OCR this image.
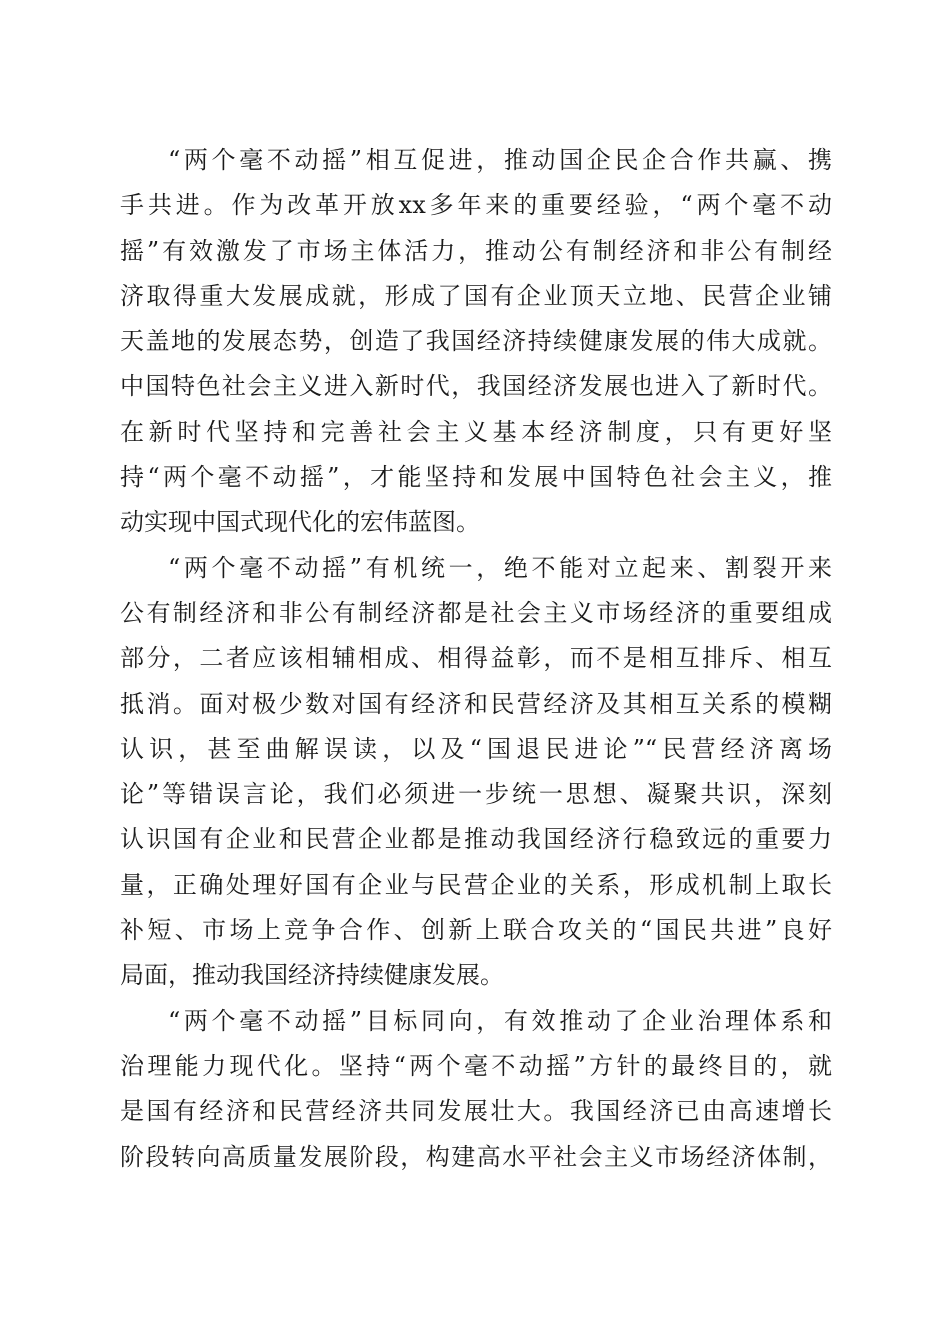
“两个毫不动摇”相互促进，推动国企民企合作共赢、携
手共进。作为改革开放xx多年来的重要经验，“两个毫不动
摇”有效激发了市场主体活力，推动公有制经济和非公有制经
济取得重大发展成就，形成了国有企业顶天立地、民营企业铺
天盖地的发展态势，创造了我国经济持续健康发展的伟大成就。
中国特色社会主义进入新时代，我国经济发展也进入了新时代。
在新时代坚持和完善社会主义基本经济制度，只有更好坚
持“两个毫不动摇”，才能坚持和发展中国特色社会主义，推
动实现中国式现代化的宏伟蓝图。
“两个毫不动摇”有机统一，绝不能对立起来、割裂开来
公有制经济和非公有制经济都是社会主义市场经济的重要组成
部分，二者应该相辅相成、相得益彰，而不是相互排斥、相互
抵消。面对极少数对国有经济和民营经济及其相互关系的模糊
认识，甚至曲解误读，以及“国退民进论”“民营经济离场
论”等错误言论，我们必须进一步统一思想、凝聚共识，深刻
认识国有企业和民营企业都是推动我国经济行稳致远的重要力
量，正确处理好国有企业与民营企业的关系，形成机制上取长
补短、市场上竞争合作、创新上联合攻关的“国民共进”良好
局面，推动我国经济持续健康发展。
“两个毫不动摇”目标同向，有效推动了企业治理体系和
治理能力现代化。坚持“两个毫不动摇”方针的最终目的，就
是国有经济和民营经济共同发展壮大。我国经济已由高速增长
阶段转向高质量发展阶段，构建高水平社会主义市场经济体制，
